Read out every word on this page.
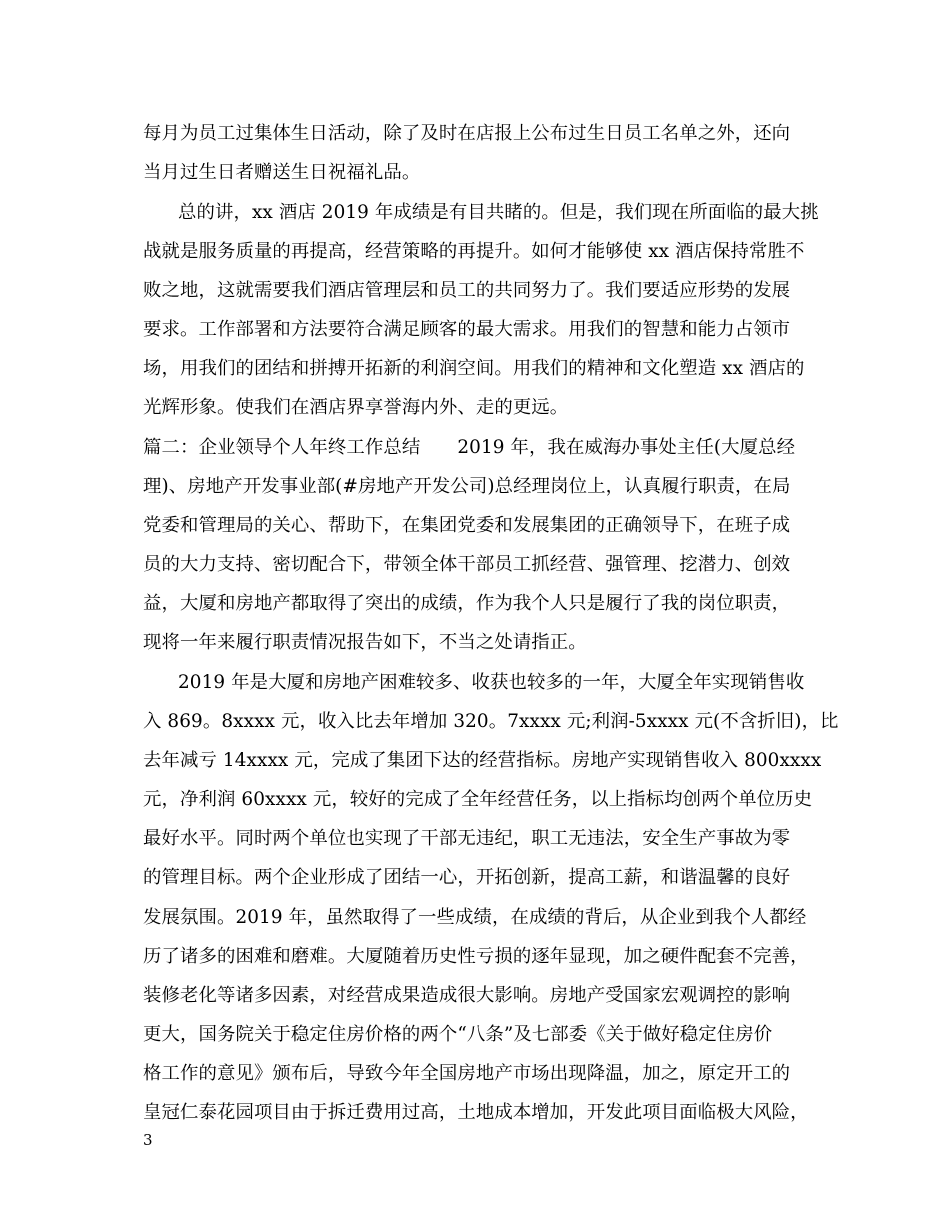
每月为员工过集体生日活动，除了及时在店报上公布过生日员工名单之外，还向
当月过生日者赠送生日祝福礼品。
总的讲，xx 酒店 2019 年成绩是有目共睹的。但是，我们现在所面临的最大挑
战就是服务质量的再提高，经营策略的再提升。如何才能够使 xx 酒店保持常胜不
败之地，这就需要我们酒店管理层和员工的共同努力了。我们要适应形势的发展
要求。工作部署和方法要符合满足顾客的最大需求。用我们的智慧和能力占领市
场，用我们的团结和拼搏开拓新的利润空间。用我们的精神和文化塑造 xx 酒店的
光辉形象。使我们在酒店界享誉海内外、走的更远。
篇二：企业领导个人年终工作总结　　2019 年，我在威海办事处主任(大厦总经
理)、房地产开发事业部(#房地产开发公司)总经理岗位上，认真履行职责，在局
党委和管理局的关心、帮助下，在集团党委和发展集团的正确领导下，在班子成
员的大力支持、密切配合下，带领全体干部员工抓经营、强管理、挖潜力、创效
益，大厦和房地产都取得了突出的成绩，作为我个人只是履行了我的岗位职责，
现将一年来履行职责情况报告如下，不当之处请指正。
2019 年是大厦和房地产困难较多、收获也较多的一年，大厦全年实现销售收
入 869。8xxxx 元，收入比去年增加 320。7xxxx 元;利润-5xxxx 元(不含折旧)，比
去年减亏 14xxxx 元，完成了集团下达的经营指标。房地产实现销售收入 800xxxx
元，净利润 60xxxx 元，较好的完成了全年经营任务，以上指标均创两个单位历史
最好水平。同时两个单位也实现了干部无违纪，职工无违法，安全生产事故为零
的管理目标。两个企业形成了团结一心，开拓创新，提高工薪，和谐温馨的良好
发展氛围。2019 年，虽然取得了一些成绩，在成绩的背后，从企业到我个人都经
历了诸多的困难和磨难。大厦随着历史性亏损的逐年显现，加之硬件配套不完善，
装修老化等诸多因素，对经营成果造成很大影响。房地产受国家宏观调控的影响
更大，国务院关于稳定住房价格的两个“八条”及七部委《关于做好稳定住房价
格工作的意见》颁布后，导致今年全国房地产市场出现降温，加之，原定开工的
皇冠仁泰花园项目由于拆迁费用过高，土地成本增加，开发此项目面临极大风险，
3
